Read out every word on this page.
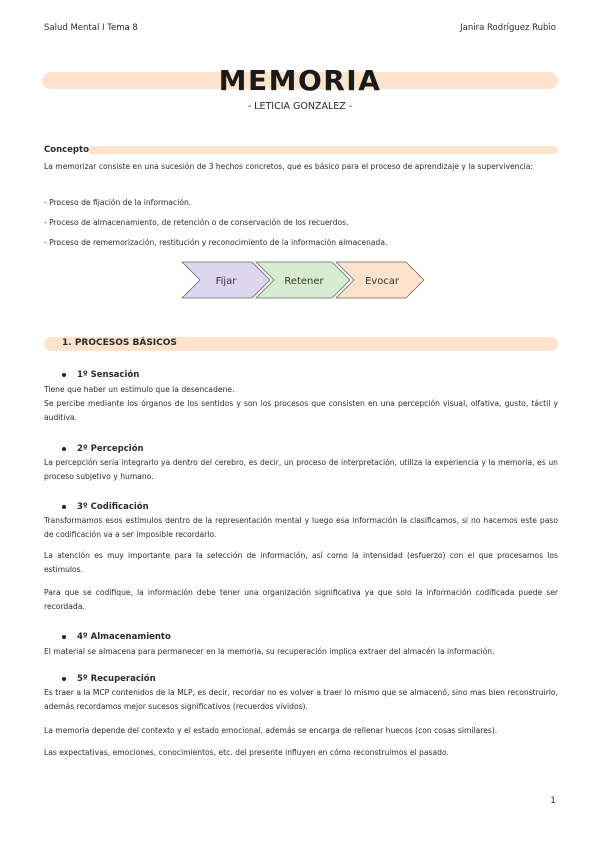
Salud Mental I Tema 8	Janira Rodríguez Rubio
MEMORIA
- LETICIA GONZALEZ -
Concepto
La memorizar consiste en una sucesión de 3 hechos concretos, que es básico para el proceso de aprendizaje y la supervivencia:
- Proceso de fijación de la información.
- Proceso de almacenamiento, de retención o de conservación de los recuerdos.
- Proceso de rememorización, restitución y reconocimiento de la información almacenada.
Fijar	Retener	Evocar
1. PROCESOS BÁSICOS
1º Sensación
Tiene que haber un estímulo que la desencadene.
Se percibe mediante los órganos de los sentidos y son los procesos que consisten en una percepción visual, olfativa, gusto, táctil y auditiva.
2º Percepción
La percepción sería integrarlo ya dentro del cerebro, es decir, un proceso de interpretación, utiliza la experiencia y la memoria, es un proceso subjetivo y humano.
3º Codificación
Transformamos esos estímulos dentro de la representación mental y luego esa información la clasificamos, si no hacemos este paso de codificación va a ser imposible recordarlo.
La atención es muy importante para la selección de información, así como la intensidad (esfuerzo) con el que procesamos los estímulos.
Para que se codifique, la información debe tener una organización significativa ya que solo la información codificada puede ser recordada.
4º Almacenamiento
El material se almacena para permanecer en la memoria, su recuperación implica extraer del almacén la información.
5º Recuperación
Es traer a la MCP contenidos de la MLP, es decir, recordar no es volver a traer lo mismo que se almacenó, sino mas bien reconstruirlo, además recordamos mejor sucesos significativos (recuerdos vividos).
La memoria depende del contexto y el estado emocional, además se encarga de rellenar huecos (con cosas similares).
Las expectativas, emociones, conocimientos, etc. del presente influyen en cómo reconstruimos el pasado.
1
